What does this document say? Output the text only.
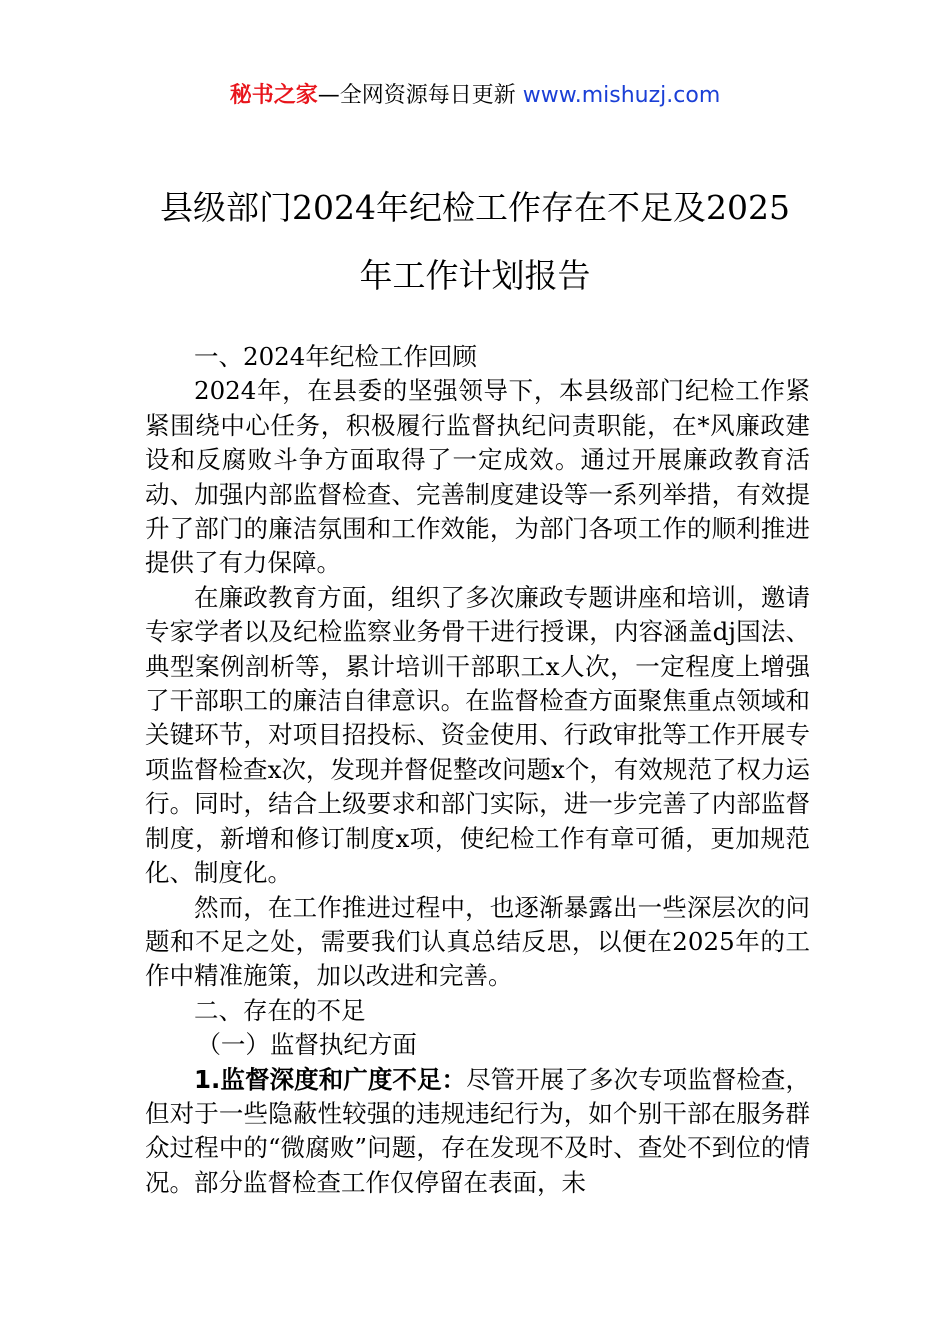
秘书之家—全网资源每日更新 www.mishuzj.com
县级部门2024年纪检工作存在不足及2025
年工作计划报告

一、2024年纪检工作回顾

2024年，在县委的坚强领导下，本县级部门纪检工作紧紧围绕中心任务，积极履行监督执纪问责职能，在*风廉政建设和反腐败斗争方面取得了一定成效。通过开展廉政教育活动、加强内部监督检查、完善制度建设等一系列举措，有效提升了部门的廉洁氛围和工作效能，为部门各项工作的顺利推进提供了有力保障。

在廉政教育方面，组织了多次廉政专题讲座和培训，邀请专家学者以及纪检监察业务骨干进行授课，内容涵盖dj国法、典型案例剖析等，累计培训干部职工x人次，一定程度上增强了干部职工的廉洁自律意识。在监督检查方面聚焦重点领域和关键环节，对项目招投标、资金使用、行政审批等工作开展专项监督检查x次，发现并督促整改问题x个，有效规范了权力运行。同时，结合上级要求和部门实际，进一步完善了内部监督制度，新增和修订制度x项，使纪检工作有章可循，更加规范化、制度化。

然而，在工作推进过程中，也逐渐暴露出一些深层次的问题和不足之处，需要我们认真总结反思，以便在2025年的工作中精准施策，加以改进和完善。

二、存在的不足

（一）监督执纪方面

1.监督深度和广度不足：尽管开展了多次专项监督检查，但对于一些隐蔽性较强的违规违纪行为，如个别干部在服务群众过程中的“微腐败”问题，存在发现不及时、查处不到位的情况。部分监督检查工作仅停留在表面，未
